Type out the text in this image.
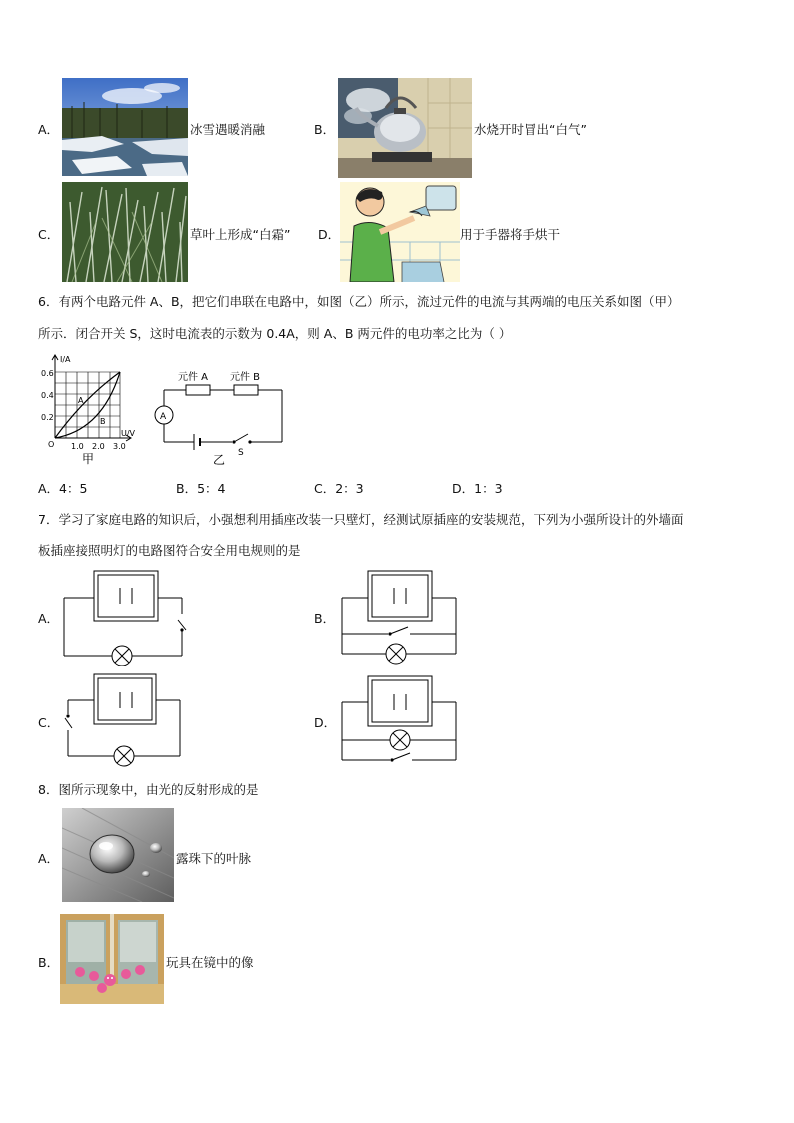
A．	冰雪遇暖消融	B．	水烧开时冒出“白气”
C．	草叶上形成“白霜” D．	用于手器将手烘干
6．有两个电路元件 A、B，把它们串联在电路中，如图（乙）所示，流过元件的电流与其两端的电压关系如图（甲）
所示．闭合开关 S，这时电流表的示数为 0.4A，则 A、B 两元件的电功率之比为（ ）
I/A
U/V
0.6
0.4
0.2
O 1.0 2.0 3.0
A
B
甲
元件 A 元件 B
A
S
乙
A．4：5	B．5：4	C．2：3	D．1：3
7．学习了家庭电路的知识后，小强想利用插座改装一只壁灯，经测试原插座的安装规范，下列为小强所设计的外墙面
板插座接照明灯的电路图符合安全用电规则的是
A．	B．
C．	D．
8．图所示现象中，由光的反射形成的是
A．	露珠下的叶脉
B．	玩具在镜中的像
